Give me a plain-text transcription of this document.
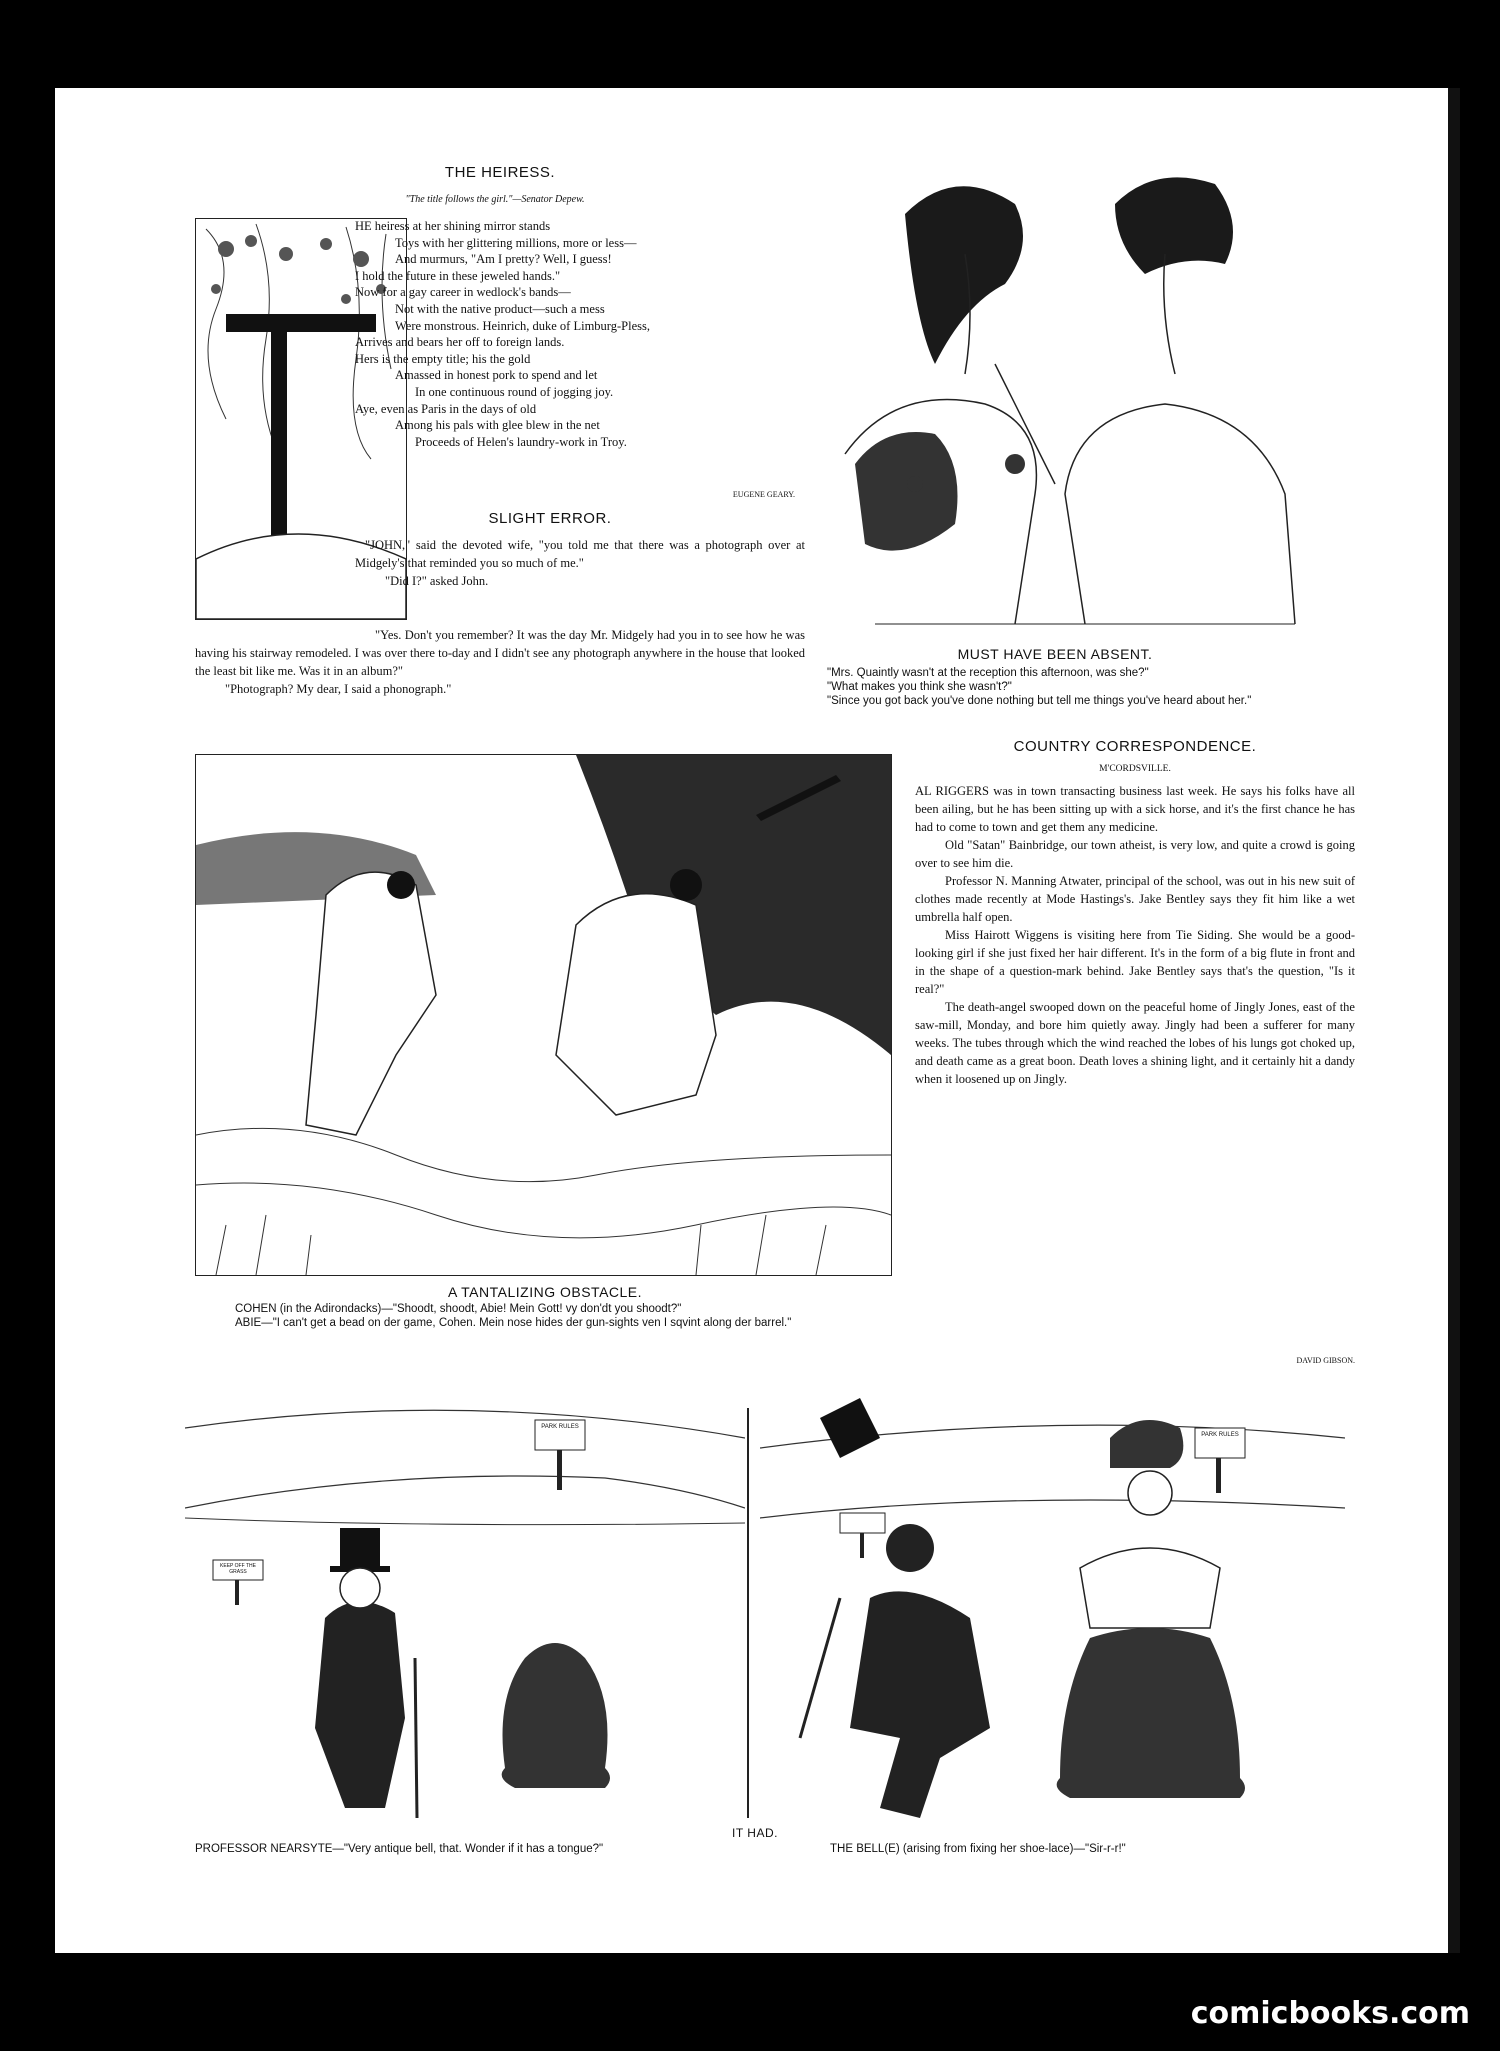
THE HEIRESS.
"The title follows the girl."—Senator Depew.

HE heiress at her shining mirror stands

Toys with her glittering millions, more or less—

And murmurs, "Am I pretty? Well, I guess!

I hold the future in these jeweled hands."

Now for a gay career in wedlock's bands—

Not with the native product—such a mess

Were monstrous. Heinrich, duke of Limburg-Pless,

Arrives and bears her off to foreign lands.

Hers is the empty title; his the gold

Amassed in honest pork to spend and let

In one continuous round of jogging joy.

Aye, even as Paris in the days of old

Among his pals with glee blew in the net

Proceeds of Helen's laundry-work in Troy.

EUGENE GEARY.
SLIGHT ERROR.

"JOHN," said the devoted wife, "you told me that there was a photograph over at Midgely's that reminded you so much of me."

"Did I?" asked John.

"Yes. Don't you remember? It was the day Mr. Midgely had you in to see how he was having his stairway remodeled. I was over there to-day and I didn't see any photograph anywhere in the house that looked the least bit like me. Was it in an album?"

"Photograph? My dear, I said a phonograph."

MUST HAVE BEEN ABSENT.

"Mrs. Quaintly wasn't at the reception this afternoon, was she?"

"What makes you think she wasn't?"

"Since you got back you've done nothing but tell me things you've heard about her."

A TANTALIZING OBSTACLE.

COHEN (in the Adirondacks)—"Shoodt, shoodt, Abie! Mein Gott! vy don'dt you shoodt?"

ABIE—"I can't get a bead on der game, Cohen. Mein nose hides der gun-sights ven I sqvint along der barrel."

COUNTRY CORRESPONDENCE.
M'CORDSVILLE.

AL RIGGERS was in town transacting business last week. He says his folks have all been ailing, but he has been sitting up with a sick horse, and it's the first chance he has had to come to town and get them any medicine.

Old "Satan" Bainbridge, our town atheist, is very low, and quite a crowd is going over to see him die.

Professor N. Manning Atwater, principal of the school, was out in his new suit of clothes made recently at Mode Hastings's. Jake Bentley says they fit him like a wet umbrella half open.

Miss Hairott Wiggens is visiting here from Tie Siding. She would be a good-looking girl if she just fixed her hair different. It's in the form of a big flute in front and in the shape of a question-mark behind. Jake Bentley says that's the question, "Is it real?"

The death-angel swooped down on the peaceful home of Jingly Jones, east of the saw-mill, Monday, and bore him quietly away. Jingly had been a sufferer for many weeks. The tubes through which the wind reached the lobes of his lungs got choked up, and death came as a great boon. Death loves a shining light, and it certainly hit a dandy when it loosened up on Jingly.

DAVID GIBSON.
PARK RULES
KEEP OFF THE GRASS
PARK RULES
IT HAD.
PROFESSOR NEARSYTE—"Very antique bell, that. Wonder if it has a tongue?"	THE BELL(E) (arising from fixing her shoe-lace)—"Sir-r-r!"
comicbooks.com
